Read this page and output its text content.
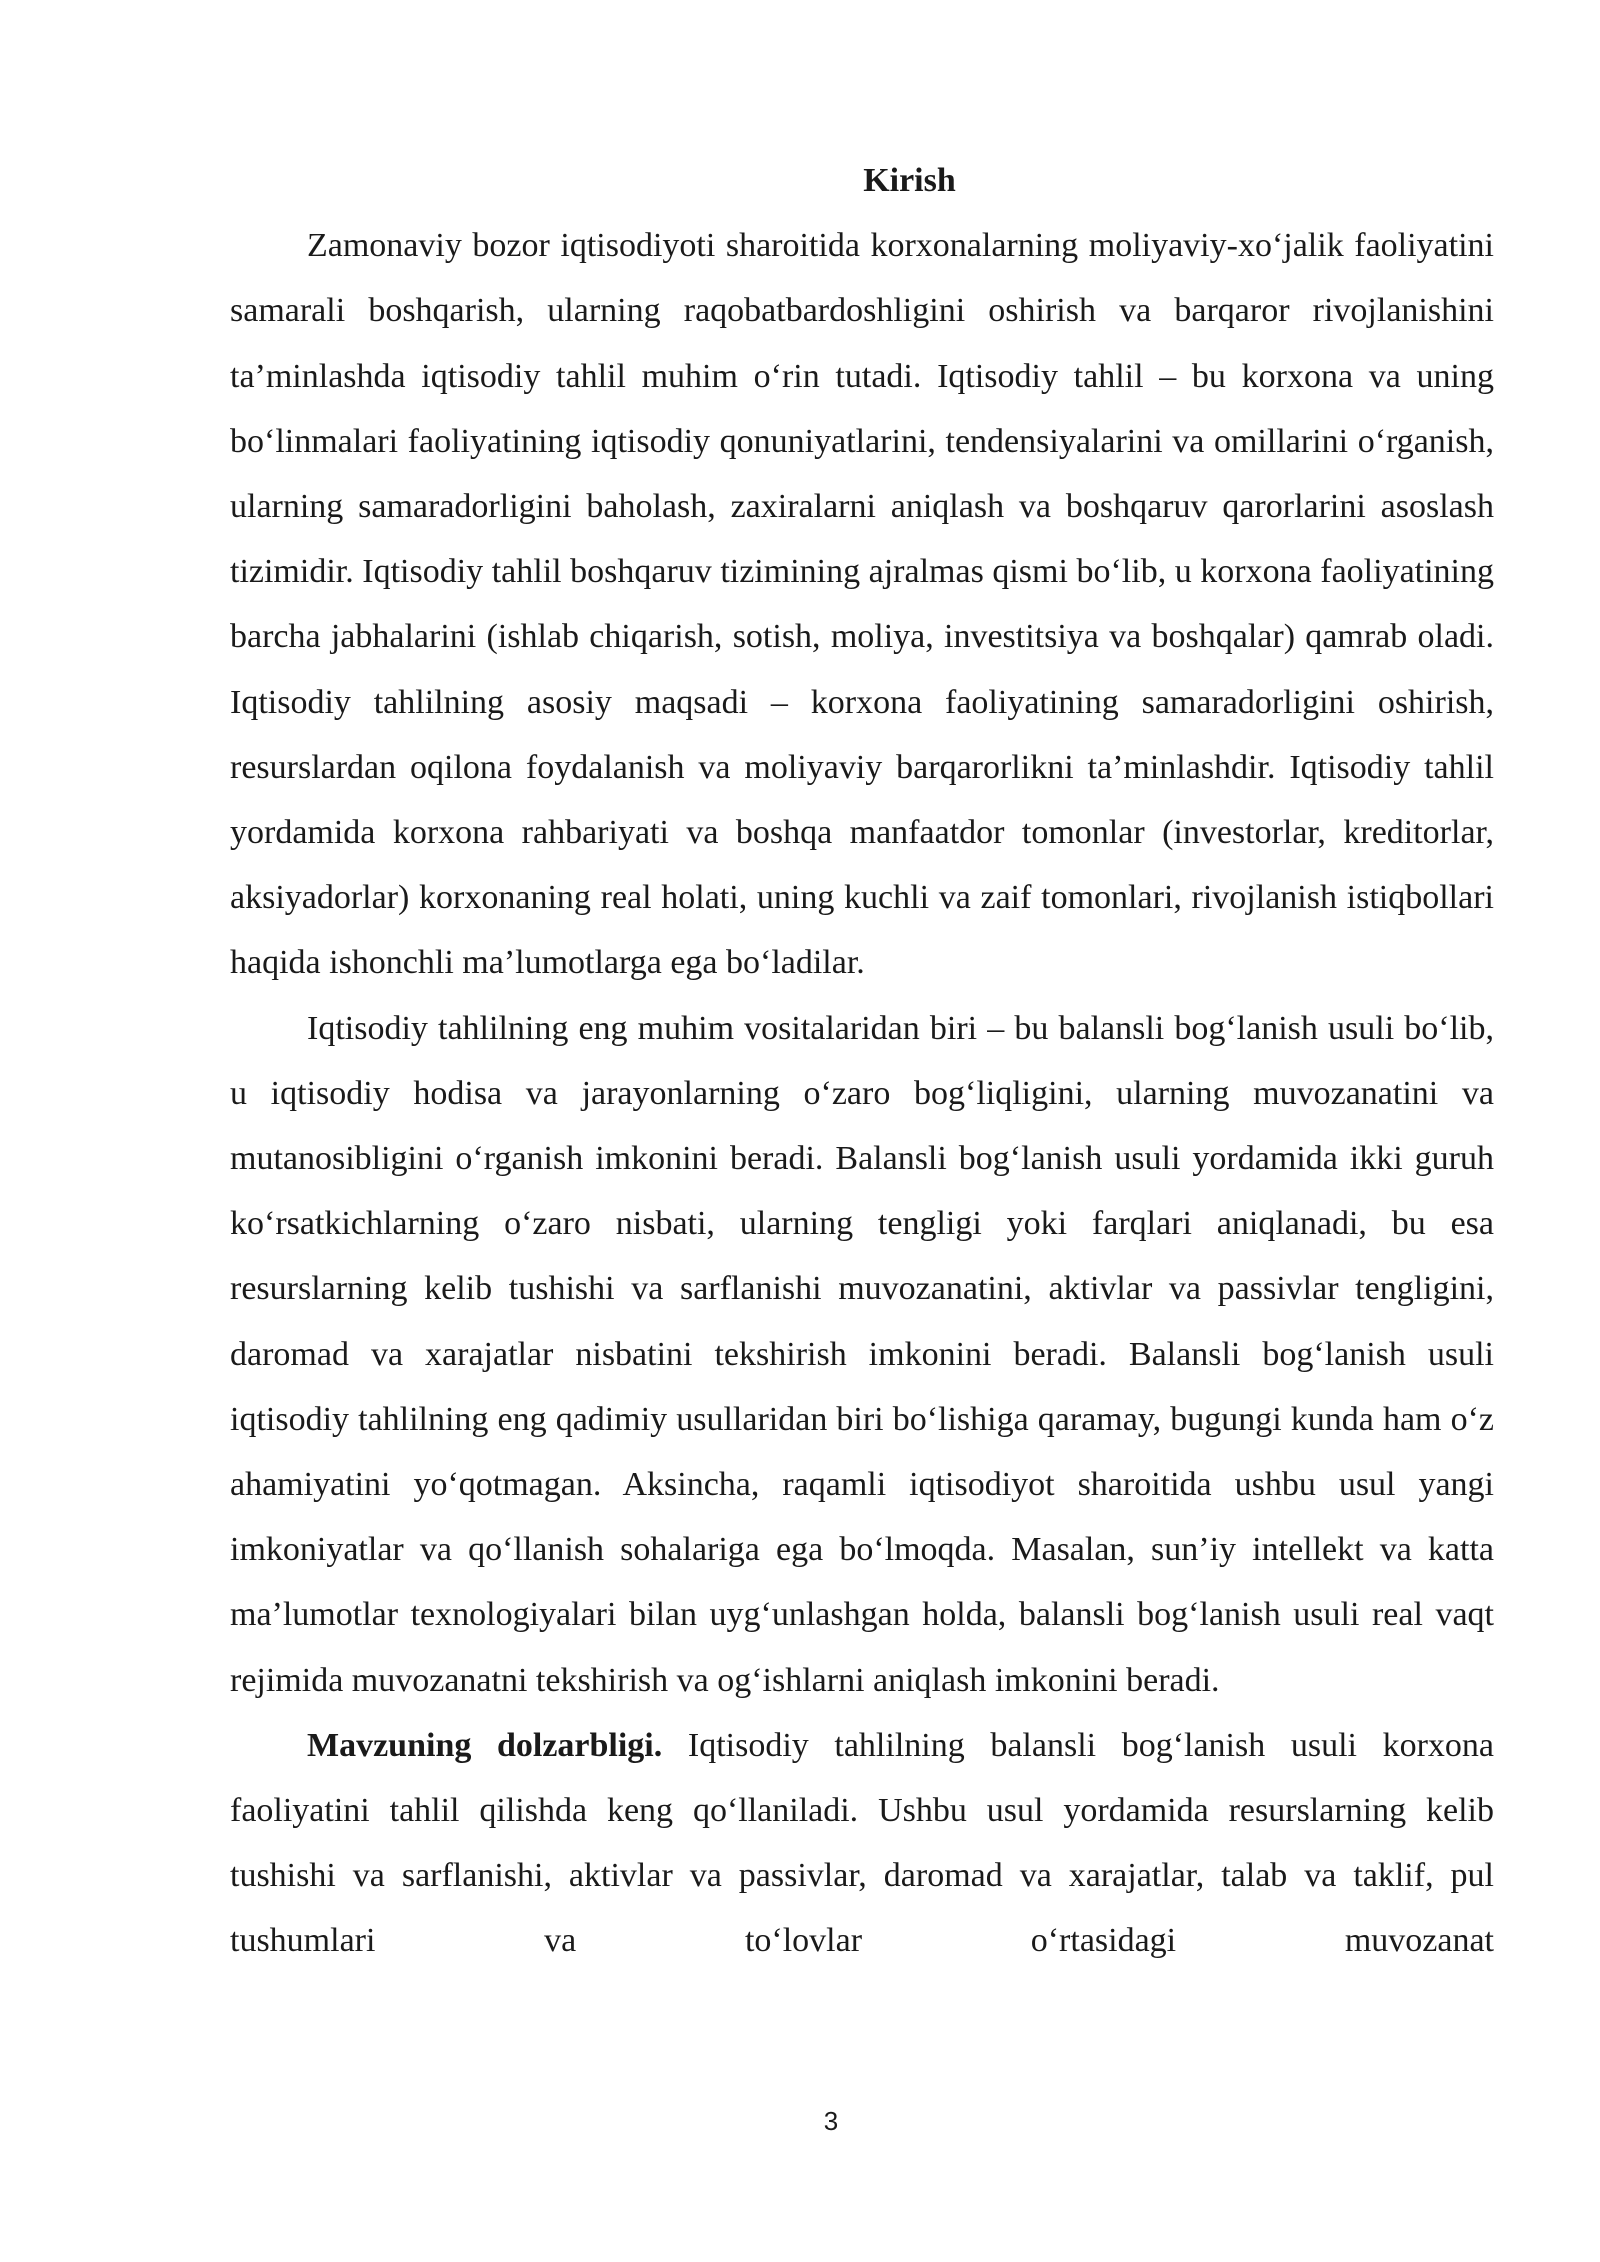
Kirish

Zamonaviy bozor iqtisodiyoti sharoitida korxonalarning moliyaviy-xo‘jalik faoliyatini samarali boshqarish, ularning raqobatbardoshligini oshirish va barqaror rivojlanishini ta’minlashda iqtisodiy tahlil muhim o‘rin tutadi. Iqtisodiy tahlil – bu korxona va uning bo‘linmalari faoliyatining iqtisodiy qonuniyatlarini, tendensiyalarini va omillarini o‘rganish, ularning samaradorligini baholash, zaxiralarni aniqlash va boshqaruv qarorlarini asoslash tizimidir. Iqtisodiy tahlil boshqaruv tizimining ajralmas qismi bo‘lib, u korxona faoliyatining barcha jabhalarini (ishlab chiqarish, sotish, moliya, investitsiya va boshqalar) qamrab oladi. Iqtisodiy tahlilning asosiy maqsadi – korxona faoliyatining samaradorligini oshirish, resurslardan oqilona foydalanish va moliyaviy barqarorlikni ta’minlashdir. Iqtisodiy tahlil yordamida korxona rahbariyati va boshqa manfaatdor tomonlar (investorlar, kreditorlar, aksiyadorlar) korxonaning real holati, uning kuchli va zaif tomonlari, rivojlanish istiqbollari haqida ishonchli ma’lumotlarga ega bo‘ladilar.

Iqtisodiy tahlilning eng muhim vositalaridan biri – bu balansli bog‘lanish usuli bo‘lib, u iqtisodiy hodisa va jarayonlarning o‘zaro bog‘liqligini, ularning muvozanatini va mutanosibligini o‘rganish imkonini beradi. Balansli bog‘lanish usuli yordamida ikki guruh ko‘rsatkichlarning o‘zaro nisbati, ularning tengligi yoki farqlari aniqlanadi, bu esa resurslarning kelib tushishi va sarflanishi muvozanatini, aktivlar va passivlar tengligini, daromad va xarajatlar nisbatini tekshirish imkonini beradi. Balansli bog‘lanish usuli iqtisodiy tahlilning eng qadimiy usullaridan biri bo‘lishiga qaramay, bugungi kunda ham o‘z ahamiyatini yo‘qotmagan. Aksincha, raqamli iqtisodiyot sharoitida ushbu usul yangi imkoniyatlar va qo‘llanish sohalariga ega bo‘lmoqda. Masalan, sun’iy intellekt va katta ma’lumotlar texnologiyalari bilan uyg‘unlashgan holda, balansli bog‘lanish usuli real vaqt rejimida muvozanatni tekshirish va og‘ishlarni aniqlash imkonini beradi.

Mavzuning dolzarbligi. Iqtisodiy tahlilning balansli bog‘lanish usuli korxona faoliyatini tahlil qilishda keng qo‘llaniladi. Ushbu usul yordamida resurslarning kelib tushishi va sarflanishi, aktivlar va passivlar, daromad va xarajatlar, talab va taklif, pul tushumlari va to‘lovlar o‘rtasidagi muvozanat

3
